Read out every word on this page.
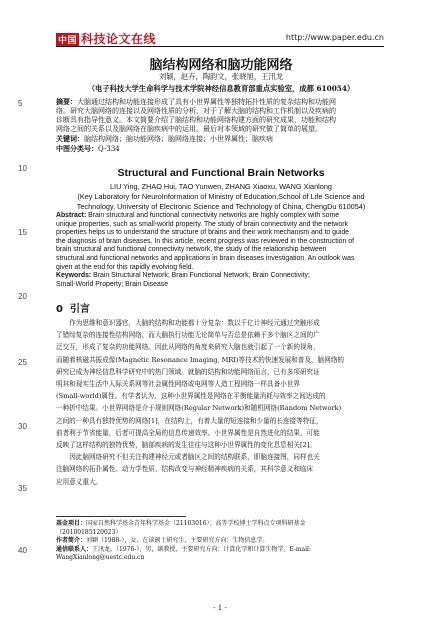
中国 科技论文在线	http://www.paper.edu.cn
5
10
15
20
25
30
35
40
脑结构网络和脑功能网络
刘颖，赵卉，陶韵文，张晓旭，王汛龙
（电子科技大学生命科学与技术学院神经信息教育部重点实验室，成都 610054）
摘要：大脑通过结构和功能连接形成了具有小世界属性等独特拓扑性质的复杂结构和功能网
络。研究大脑网络的连接以及网络性质的分析，对于了解大脑的结构和工作机制以及疾病的
诊断具有指导性意义。本文简要介绍了脑结构和功能网络构建方面的研究成果，功能和结构
网络之间的关系以及脑网络在脑疾病中的运用。最后对本领域的研究做了简单的展望。
关键词：脑结构网络；脑功能网络；脑网络连接；小世界属性；脑疾病
中图分类号：Q-334
Structural and Functional Brain Networks
LIU Ying, ZHAO Hui, TAO Yunwen, ZHANG Xiaoxu, WANG Xianlong
(Key Laboratory for NeuroInformation of Ministry of Education,School of Life Science and
Technology, University of Electronic Science and Technology of China, ChengDu 610054)
Abstract: Brain structural and functional connectivity networks are highly complex with some
unique properties, such as small-world property. The study of brain connectivity and the network
properties helps us to understand the structure of brains and their work mechanism and to guide
the diagnosis of brain diseases. In this article, recent progress was reviewed in the construction of
brain structural and functional connectivity network, the study of the relationship between
structural and functional networks and applications in brain diseases investigation. An outlook was
given at the end for this rapidly evolving field.
Keywords: Brain Structural Network; Brain Functional Network; Brain Connectivity;
Small-World Property; Brain Disease
0 引言
作为思维和意识器官，大脑的结构和功能都十分复杂：数以千亿计神经元通过突触形成
了错综复杂的连接性结构网络，而大脑执行功能无论简单与否总是依赖于多个脑区之间的广
泛交互，形成了复杂的功能网络。因此从网络的角度来研究大脑也就引起了一个新的视角，
而随着核磁共振成像(Magnetic Resonance Imaging, MRI)等技术的快速发展和普及，脑网络的
研究已成为神经信息科学研究中的热门领域。就脑的结构和功能网络而言，已有多项研究证
明其和现实生活中人际关系网等社会属性网络或电网等人造工程网络一样具备小世界
(Small-world)属性。有学者认为，这种小世界属性是网络在平衡能量消耗与效率之间达成的
一种折中结果。小世界网络是介于规则网络(Regular Network)和随机网络(Random Network)
之间的一种具有独特优势的网络[1]，在结构上，有着大量的短连接和少量的长连接等特征，
前者利于节省能量，后者可提高全局的信息传递效率。小世界属性是自然进化的结果，可能
反映了这样结构的独特优势，脑部疾病的发生往往与这种小世界属性的变化息息相关[2]。
因此脑网络研究不但关注构建神经元或者脑区之间的结构联系，即脑连接图，同样也关
注脑网络的拓扑属性、动力学性质、结构改变与神经精神疾病的关系，其科学意义和临床
应用意义重大。
基金项目：国家自然科学基金青年科学基金（21103016）；高等学校博士学科点专项科研基金
（20100185120023）
作者简介：刘颖（1988-），女，在读硕士研究生，主要研究方向：生物信息学。
通信联系人：王汛龙，（1976-），男，副教授，主要研究方向：计算化学和计算生物学。E-mail:
WangXianlong@uestc.edu.cn
- 1 -
